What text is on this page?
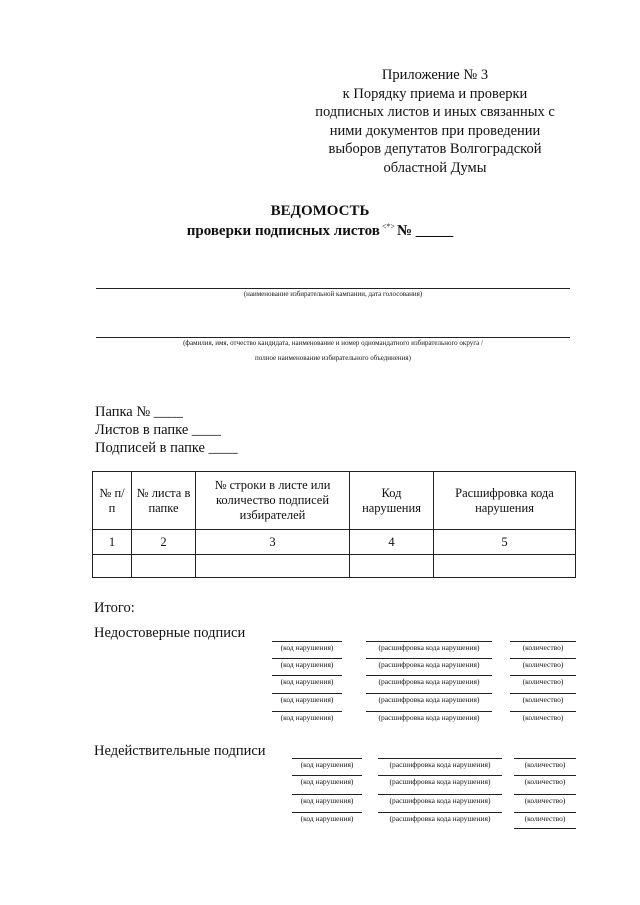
Приложение № 3
к Порядку приема и проверки
подписных листов и иных связанных с
ними документов при проведении
выборов депутатов Волгоградской
областной Думы
ВЕДОМОСТЬ
проверки подписных листов <*> № _____
(наименование избирательной кампании, дата голосования)
(фамилия, имя, отчество кандидата, наименование и номер одномандатного избирательного округа /
полное наименование избирательного объединения)
Папка № ____
Листов в папке ____
Подписей в папке ____
№ п/п	№ листа в папке	№ строки в листе или количество подписей избирателей	Код нарушения	Расшифровка кода нарушения
1	2	3	4	5

Итого:
Недостоверные подписи
Недействительные подписи
(код нарушения)	(расшифровка кода нарушения)	(количество)
(код нарушения)	(расшифровка кода нарушения)	(количество)
(код нарушения)	(расшифровка кода нарушения)	(количество)
(код нарушения)	(расшифровка кода нарушения)	(количество)
(код нарушения)	(расшифровка кода нарушения)	(количество)
(код нарушения)	(расшифровка кода нарушения)	(количество)
(код нарушения)	(расшифровка кода нарушения)	(количество)
(код нарушения)	(расшифровка кода нарушения)	(количество)
(код нарушения)	(расшифровка кода нарушения)	(количество)
